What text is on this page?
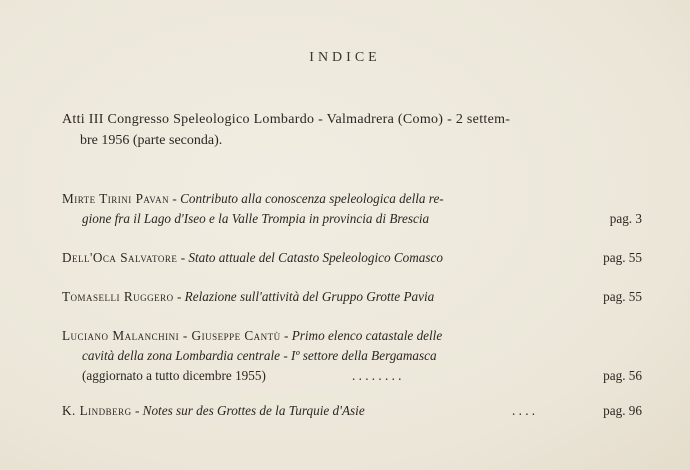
INDICE
Atti III Congresso Speleologico Lombardo - Valmadrera (Como) - 2 settem-
bre 1956 (parte seconda).
Mirte Tirini Pavan - Contributo alla conoscenza speleologica della re-
gione fra il Lago d'Iseo e la Valle Trompia in provincia di Brescia	pag. 3
Dell'Oca Salvatore - Stato attuale del Catasto Speleologico Comasco	pag. 55
Tomaselli Ruggero - Relazione sull'attività del Gruppo Grotte Pavia	pag. 55
Luciano Malanchini - Giuseppe Cantù - Primo elenco catastale delle
cavità della zona Lombardia centrale - Iº settore della Bergamasca
(aggiornato a tutto dicembre 1955)	. . . . . . . .	pag. 56
K. Lindberg - Notes sur des Grottes de la Turquie d'Asie	. . . .	pag. 96
